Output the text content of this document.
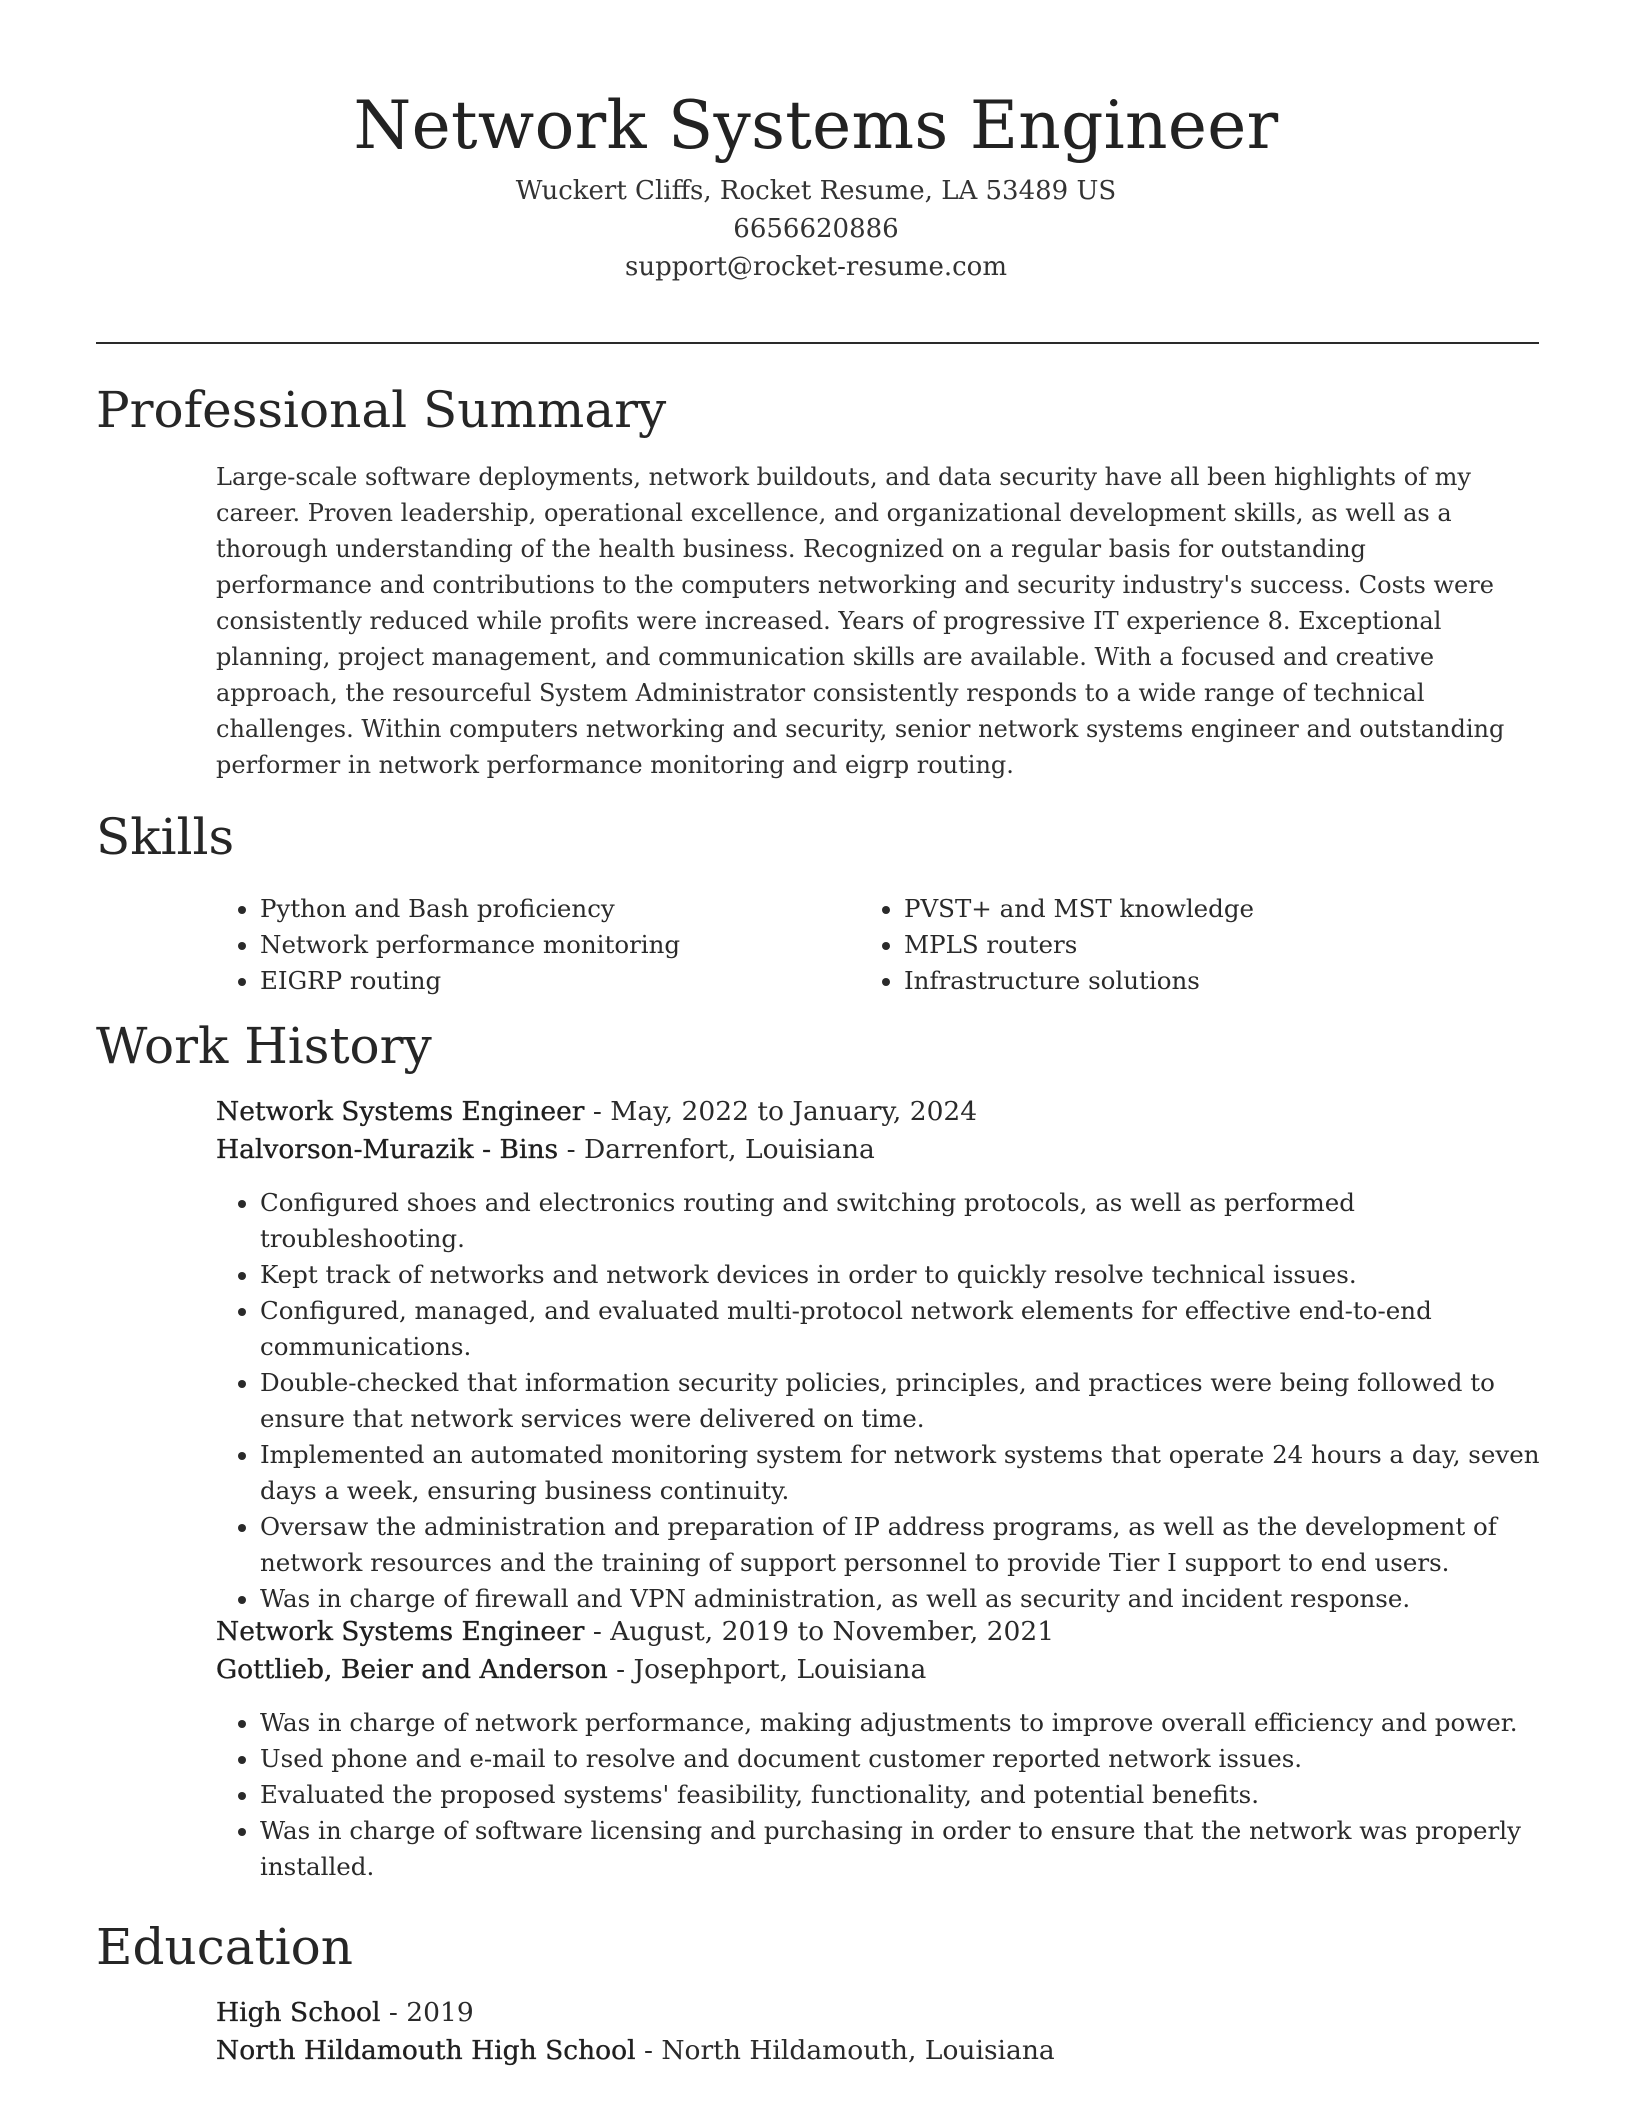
Network Systems Engineer
Wuckert Cliffs, Rocket Resume, LA 53489 US
6656620886
support@rocket-resume.com
Professional Summary
Large-scale software deployments, network buildouts, and data security have all been highlights of my career. Proven leadership, operational excellence, and organizational development skills, as well as a thorough understanding of the health business. Recognized on a regular basis for outstanding performance and contributions to the computers networking and security industry's success. Costs were consistently reduced while profits were increased. Years of progressive IT experience 8. Exceptional planning, project management, and communication skills are available. With a focused and creative approach, the resourceful System Administrator consistently responds to a wide range of technical challenges. Within computers networking and security, senior network systems engineer and outstanding performer in network performance monitoring and eigrp routing.
Skills
• Python and Bash proficiency
• Network performance monitoring
• EIGRP routing
• PVST+ and MST knowledge
• MPLS routers
• Infrastructure solutions
Work History
Network Systems Engineer - May, 2022 to January, 2024
Halvorson-Murazik - Bins - Darrenfort, Louisiana
• Configured shoes and electronics routing and switching protocols, as well as performed troubleshooting.
• Kept track of networks and network devices in order to quickly resolve technical issues.
• Configured, managed, and evaluated multi-protocol network elements for effective end-to-end communications.
• Double-checked that information security policies, principles, and practices were being followed to ensure that network services were delivered on time.
• Implemented an automated monitoring system for network systems that operate 24 hours a day, seven days a week, ensuring business continuity.
• Oversaw the administration and preparation of IP address programs, as well as the development of network resources and the training of support personnel to provide Tier I support to end users.
• Was in charge of firewall and VPN administration, as well as security and incident response.
Network Systems Engineer - August, 2019 to November, 2021
Gottlieb, Beier and Anderson - Josephport, Louisiana
• Was in charge of network performance, making adjustments to improve overall efficiency and power.
• Used phone and e-mail to resolve and document customer reported network issues.
• Evaluated the proposed systems' feasibility, functionality, and potential benefits.
• Was in charge of software licensing and purchasing in order to ensure that the network was properly installed.
Education
High School - 2019
North Hildamouth High School - North Hildamouth, Louisiana
